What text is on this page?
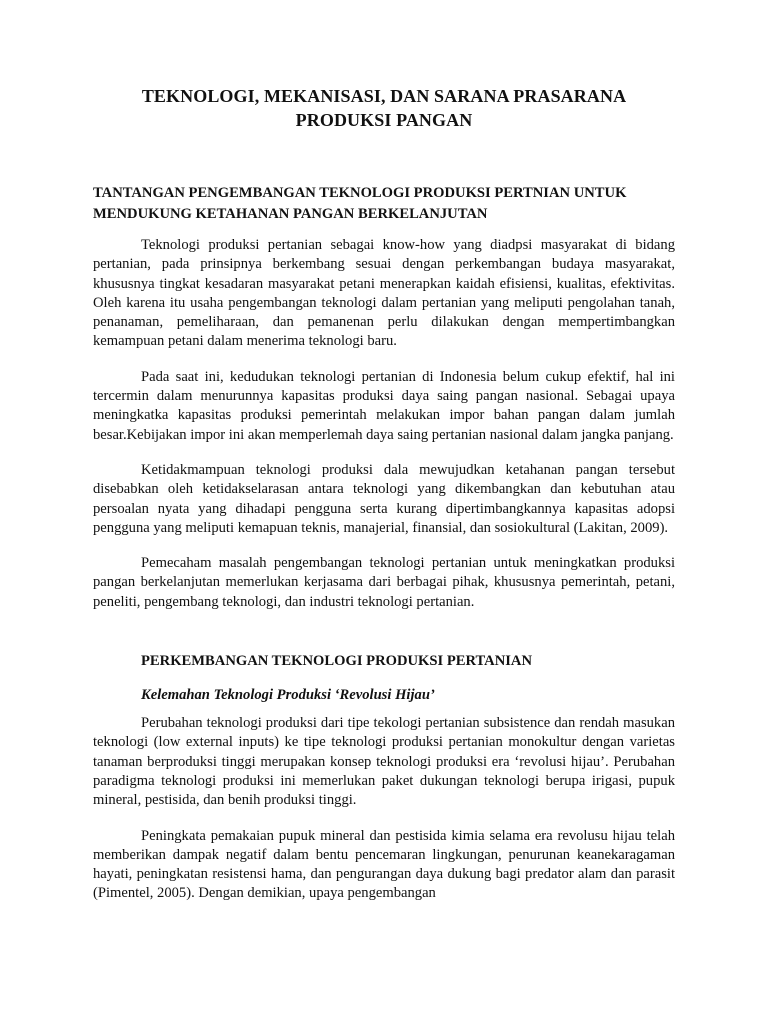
TEKNOLOGI, MEKANISASI, DAN SARANA PRASARANA
PRODUKSI PANGAN
TANTANGAN PENGEMBANGAN TEKNOLOGI PRODUKSI PERTNIAN UNTUK
MENDUKUNG KETAHANAN PANGAN BERKELANJUTAN

Teknologi produksi pertanian sebagai know-how yang diadpsi masyarakat di bidang pertanian, pada prinsipnya berkembang sesuai dengan perkembangan budaya masyarakat, khususnya tingkat kesadaran masyarakat petani menerapkan kaidah efisiensi, kualitas, efektivitas. Oleh karena itu usaha pengembangan teknologi dalam pertanian yang meliputi pengolahan tanah, penanaman, pemeliharaan, dan pemanenan perlu dilakukan dengan mempertimbangkan kemampuan petani dalam menerima teknologi baru.

Pada saat ini, kedudukan teknologi pertanian di Indonesia belum cukup efektif, hal ini tercermin dalam menurunnya kapasitas produksi daya saing pangan nasional. Sebagai upaya meningkatka kapasitas produksi pemerintah melakukan impor bahan pangan dalam jumlah besar.Kebijakan impor ini akan memperlemah daya saing pertanian nasional dalam jangka panjang.

Ketidakmampuan teknologi produksi dala mewujudkan ketahanan pangan tersebut disebabkan oleh ketidakselarasan antara teknologi yang dikembangkan dan kebutuhan atau persoalan nyata yang dihadapi pengguna serta kurang dipertimbangkannya kapasitas adopsi pengguna yang meliputi kemapuan teknis, manajerial, finansial, dan sosiokultural (Lakitan, 2009).

Pemecaham masalah pengembangan teknologi pertanian untuk meningkatkan produksi pangan berkelanjutan memerlukan kerjasama dari berbagai pihak, khususnya pemerintah, petani, peneliti, pengembang teknologi, dan industri teknologi pertanian.

PERKEMBANGAN TEKNOLOGI PRODUKSI PERTANIAN
Kelemahan Teknologi Produksi ‘Revolusi Hijau’

Perubahan teknologi produksi dari tipe tekologi pertanian subsistence dan rendah masukan teknologi (low external inputs) ke tipe teknologi produksi pertanian monokultur dengan varietas tanaman berproduksi tinggi merupakan konsep teknologi produksi era ‘revolusi hijau’. Perubahan paradigma teknologi produksi ini memerlukan paket dukungan teknologi berupa irigasi, pupuk mineral, pestisida, dan benih produksi tinggi.

Peningkata pemakaian pupuk mineral dan pestisida kimia selama era revolusu hijau telah memberikan dampak negatif dalam bentu pencemaran lingkungan, penurunan keanekaragaman hayati, peningkatan resistensi hama, dan pengurangan daya dukung bagi predator alam dan parasit (Pimentel, 2005). Dengan demikian, upaya pengembangan
